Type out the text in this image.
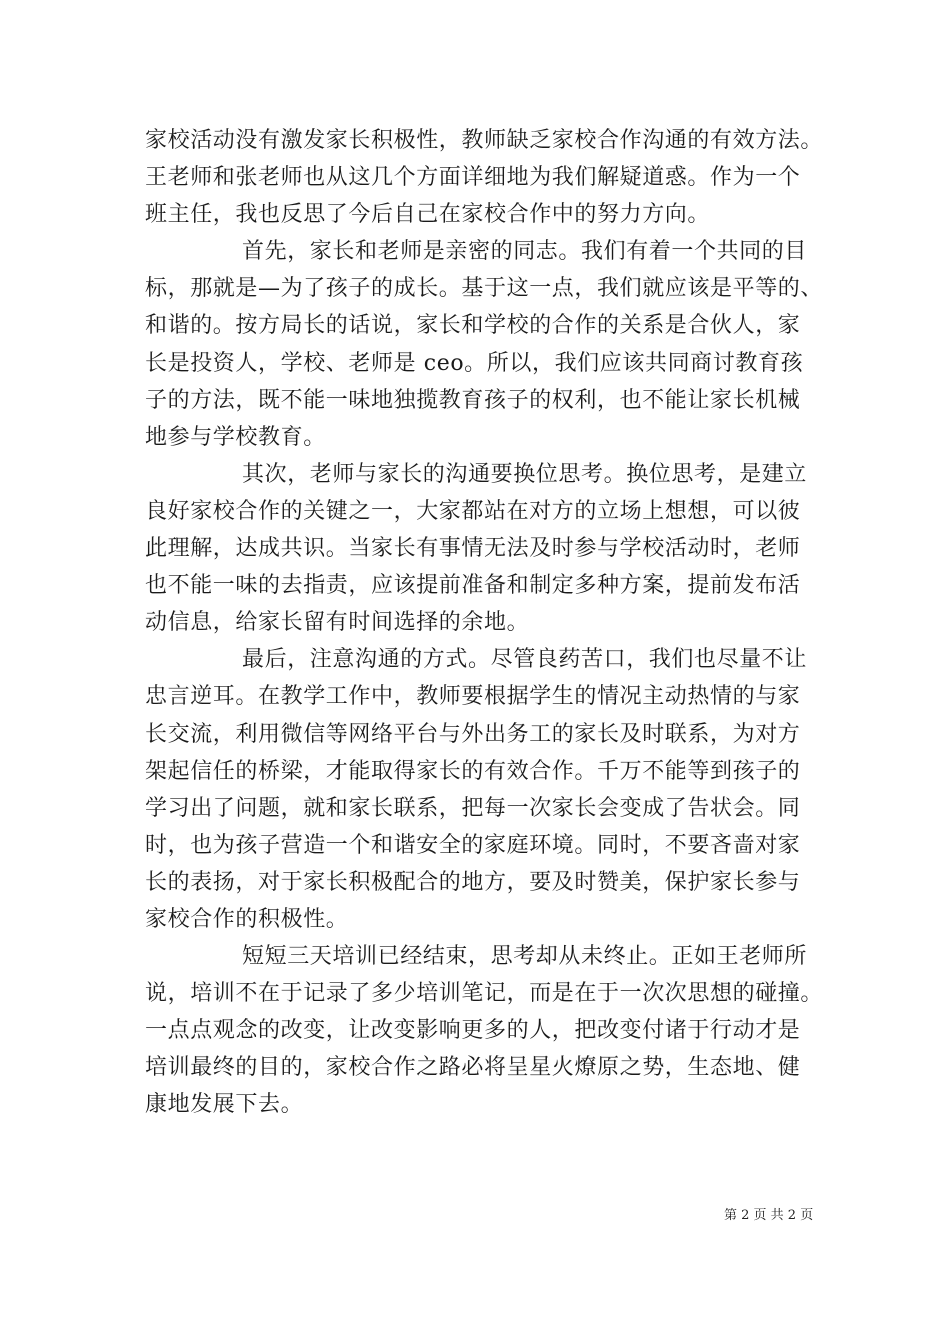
家校活动没有激发家长积极性，教师缺乏家校合作沟通的有效方法。
王老师和张老师也从这几个方面详细地为我们解疑道惑。作为一个
班主任，我也反思了今后自己在家校合作中的努力方向。
首先，家长和老师是亲密的同志。我们有着一个共同的目
标，那就是—为了孩子的成长。基于这一点，我们就应该是平等的、
和谐的。按方局长的话说，家长和学校的合作的关系是合伙人，家
长是投资人，学校、老师是 ceo。所以，我们应该共同商讨教育孩
子的方法，既不能一味地独揽教育孩子的权利，也不能让家长机械
地参与学校教育。
其次，老师与家长的沟通要换位思考。换位思考，是建立
良好家校合作的关键之一，大家都站在对方的立场上想想，可以彼
此理解，达成共识。当家长有事情无法及时参与学校活动时，老师
也不能一味的去指责，应该提前准备和制定多种方案，提前发布活
动信息，给家长留有时间选择的余地。
最后，注意沟通的方式。尽管良药苦口，我们也尽量不让
忠言逆耳。在教学工作中，教师要根据学生的情况主动热情的与家
长交流，利用微信等网络平台与外出务工的家长及时联系，为对方
架起信任的桥梁，才能取得家长的有效合作。千万不能等到孩子的
学习出了问题，就和家长联系，把每一次家长会变成了告状会。同
时，也为孩子营造一个和谐安全的家庭环境。同时，不要吝啬对家
长的表扬，对于家长积极配合的地方，要及时赞美，保护家长参与
家校合作的积极性。
短短三天培训已经结束，思考却从未终止。正如王老师所
说，培训不在于记录了多少培训笔记，而是在于一次次思想的碰撞。
一点点观念的改变，让改变影响更多的人，把改变付诸于行动才是
培训最终的目的，家校合作之路必将呈星火燎原之势，生态地、健
康地发展下去。
第 2 页 共 2 页
